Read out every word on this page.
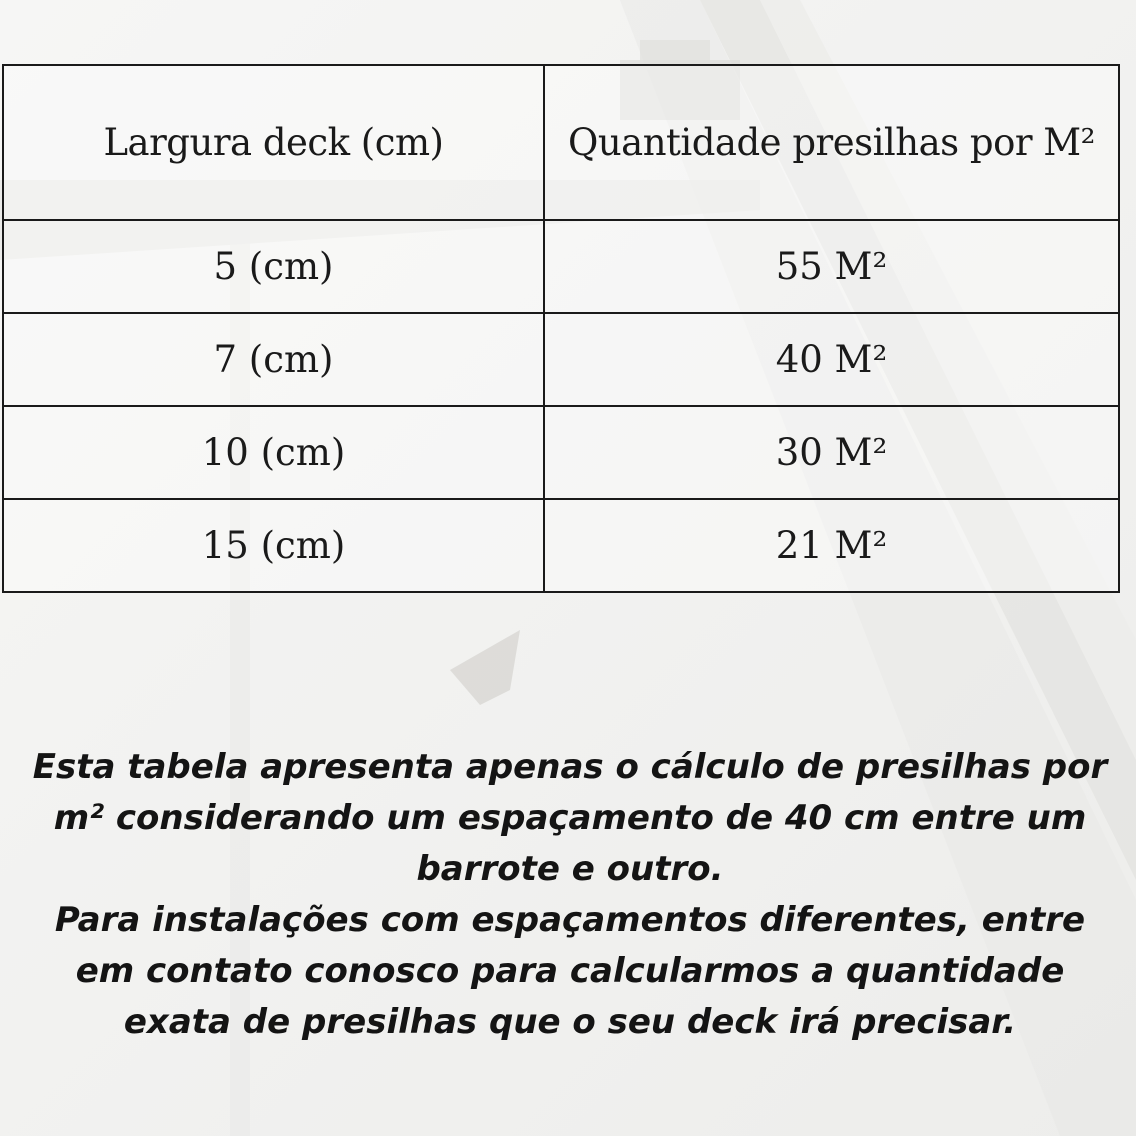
Largura deck (cm)	Quantidade presilhas por M²
5 (cm)	55 M²
7 (cm)	40 M²
10 (cm)	30 M²
15 (cm)	21 M²

Esta tabela apresenta apenas o cálculo de presilhas por m² considerando um espaçamento de 40 cm entre um barrote e outro.

Para instalações com espaçamentos diferentes, entre em contato conosco para calcularmos a quantidade exata de presilhas que o seu deck irá precisar.
